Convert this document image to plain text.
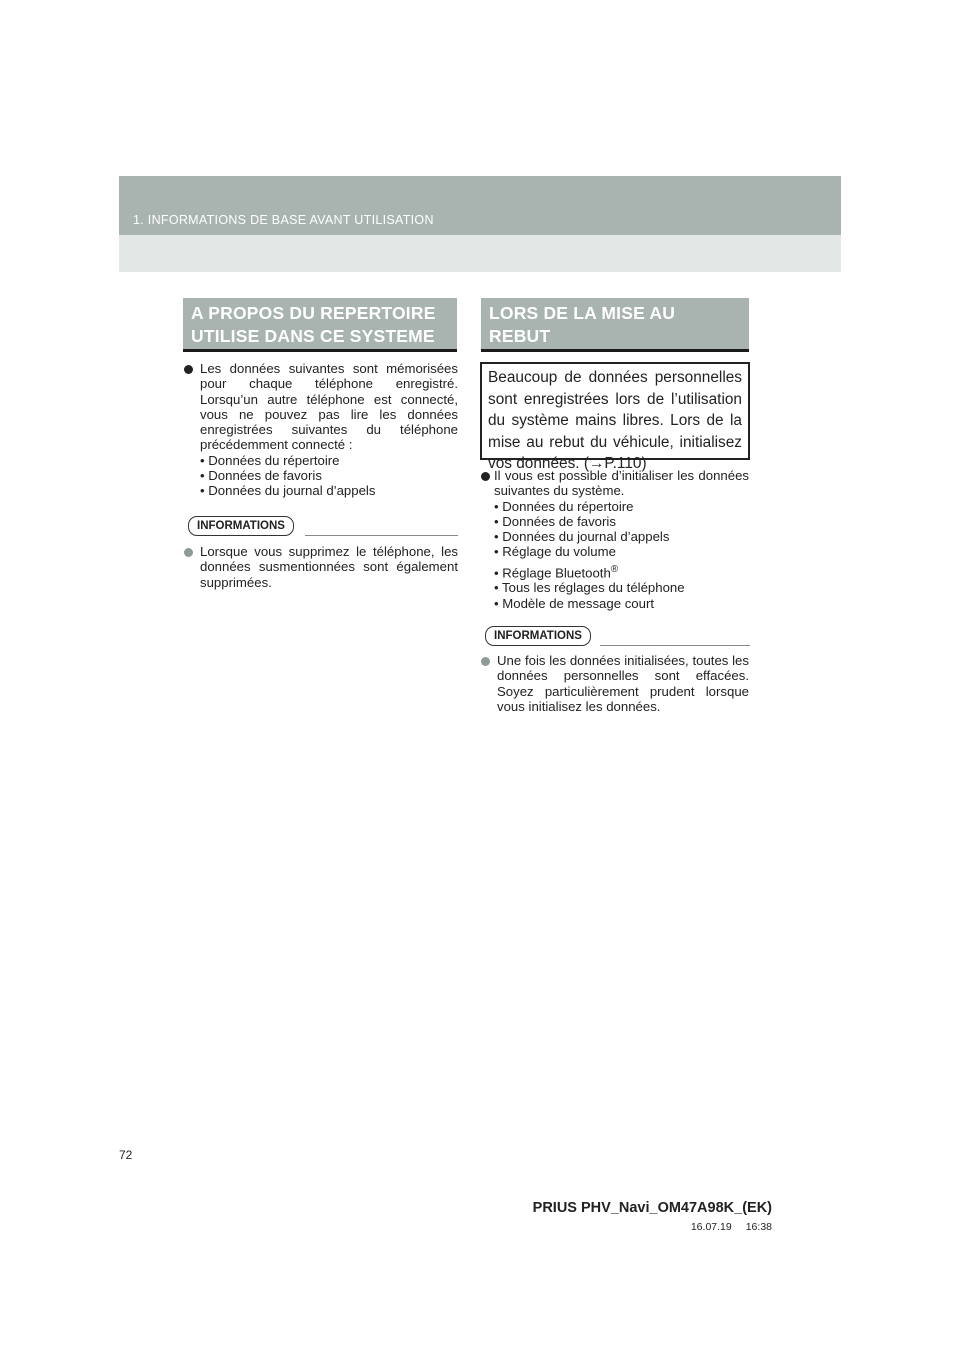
1. INFORMATIONS DE BASE AVANT UTILISATION
A PROPOS DU REPERTOIRE
UTILISE DANS CE SYSTEME
Les données suivantes sont mémorisées pour chaque téléphone enregistré. Lorsqu’un autre téléphone est connecté, vous ne pouvez pas lire les données enregistrées suivantes du téléphone précédemment connecté :
• Données du répertoire
• Données de favoris
• Données du journal d’appels
INFORMATIONS
Lorsque vous supprimez le téléphone, les données susmentionnées sont également supprimées.
LORS DE LA MISE AU REBUT
DU VEHICULE
Beaucoup de données personnelles sont enregistrées lors de l’utilisation du système mains libres. Lors de la mise au rebut du véhicule, initialisez vos données. (→P.110)
Il vous est possible d’initialiser les données suivantes du système.
• Données du répertoire
• Données de favoris
• Données du journal d’appels
• Réglage du volume
• Réglage Bluetooth®
• Tous les réglages du téléphone
• Modèle de message court
INFORMATIONS
Une fois les données initialisées, toutes les données personnelles sont effacées. Soyez particulièrement prudent lorsque vous initialisez les données.
72
PRIUS PHV_Navi_OM47A98K_(EK)
16.07.19 16:38
